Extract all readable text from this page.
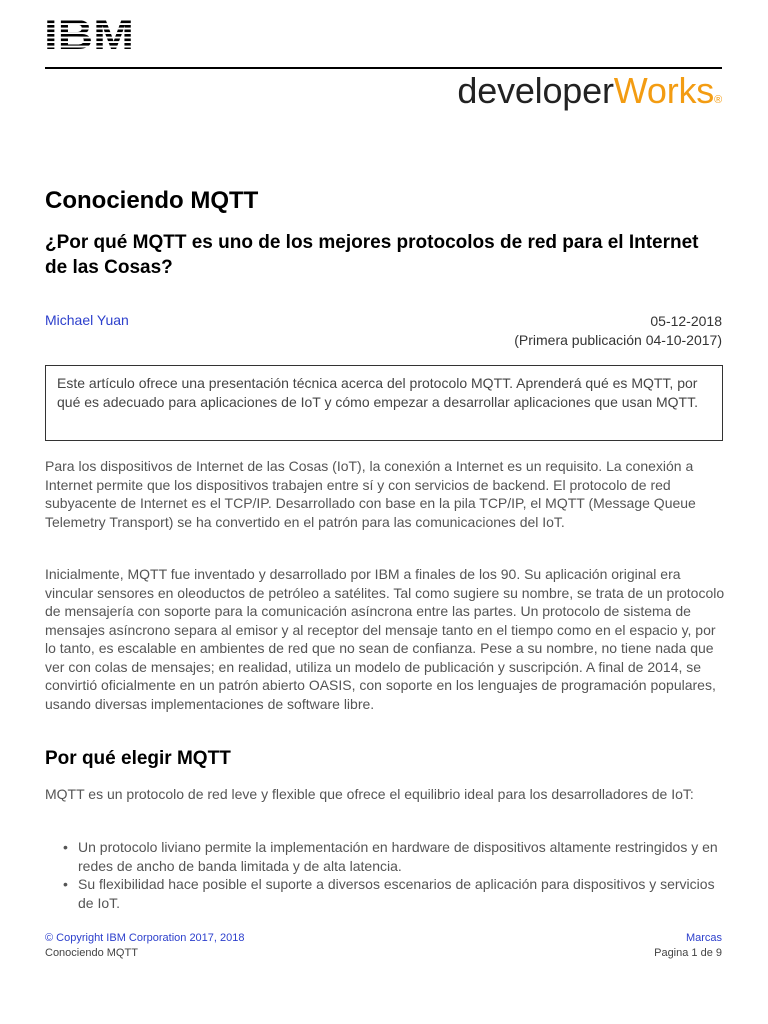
developerWorks®
Conociendo MQTT
¿Por qué MQTT es uno de los mejores protocolos de red para el Internet de las Cosas?
Michael Yuan	05-12-2018
(Primera publicación 04-10-2017)
Este artículo ofrece una presentación técnica acerca del protocolo MQTT. Aprenderá qué es MQTT, por qué es adecuado para aplicaciones de IoT y cómo empezar a desarrollar aplicaciones que usan MQTT.

Para los dispositivos de Internet de las Cosas (IoT), la conexión a Internet es un requisito. La conexión a Internet permite que los dispositivos trabajen entre sí y con servicios de backend. El protocolo de red subyacente de Internet es el TCP/IP. Desarrollado con base en la pila TCP/IP, el MQTT (Message Queue Telemetry Transport) se ha convertido en el patrón para las comunicaciones del IoT.

Inicialmente, MQTT fue inventado y desarrollado por IBM a finales de los 90. Su aplicación original era vincular sensores en oleoductos de petróleo a satélites. Tal como sugiere su nombre, se trata de un protocolo de mensajería con soporte para la comunicación asíncrona entre las partes. Un protocolo de sistema de mensajes asíncrono separa al emisor y al receptor del mensaje tanto en el tiempo como en el espacio y, por lo tanto, es escalable en ambientes de red que no sean de confianza. Pese a su nombre, no tiene nada que ver con colas de mensajes; en realidad, utiliza un modelo de publicación y suscripción. A final de 2014, se convirtió oficialmente en un patrón abierto OASIS, con soporte en los lenguajes de programación populares, usando diversas implementaciones de software libre.

Por qué elegir MQTT

MQTT es un protocolo de red leve y flexible que ofrece el equilibrio ideal para los desarrolladores de IoT:

• Un protocolo liviano permite la implementación en hardware de dispositivos altamente restringidos y en redes de ancho de banda limitada y de alta latencia.
• Su flexibilidad hace posible el suporte a diversos escenarios de aplicación para dispositivos y servicios de IoT.
© Copyright IBM Corporation 2017, 2018
Conociendo MQTT
Marcas
Pagina 1 de 9
